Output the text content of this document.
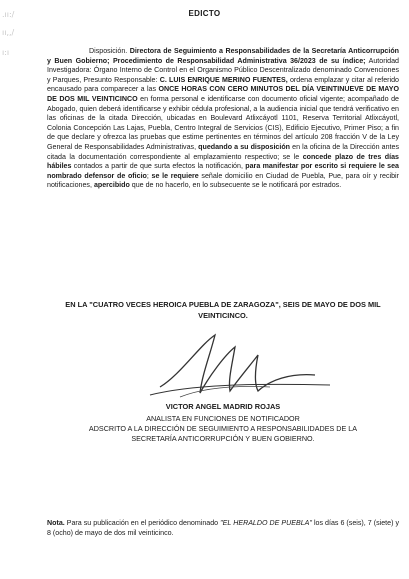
.ıı:/
ıı,,/
ı:ı
EDICTO
Disposición. Directora de Seguimiento a Responsabilidades de la Secretaría Anticorrupción y Buen Gobierno; Procedimiento de Responsabilidad Administrativa 36/2023 de su índice; Autoridad Investigadora: Órgano Interno de Control en el Organismo Público Descentralizado denominado Convenciones y Parques, Presunto Responsable: C. LUIS ENRIQUE MERINO FUENTES, ordena emplazar y citar al referido encausado para comparecer a las ONCE HORAS CON CERO MINUTOS DEL DÍA VEINTINUEVE DE MAYO DE DOS MIL VEINTICINCO en forma personal e identificarse con documento oficial vigente; acompañado de Abogado, quien deberá identificarse y exhibir cédula profesional, a la audiencia inicial que tendrá verificativo en las oficinas de la citada Dirección, ubicadas en Boulevard Atlixcáyotl 1101, Reserva Territorial Atlixcáyotl, Colonia Concepción Las Lajas, Puebla, Centro Integral de Servicios (CIS), Edificio Ejecutivo, Primer Piso; a fin de que declare y ofrezca las pruebas que estime pertinentes en términos del artículo 208 fracción V de la Ley General de Responsabilidades Administrativas, quedando a su disposición en la oficina de la Dirección antes citada la documentación correspondiente al emplazamiento respectivo; se le concede plazo de tres días hábiles contados a partir de que surta efectos la notificación, para manifestar por escrito si requiere le sea nombrado defensor de oficio; se le requiere señale domicilio en Ciudad de Puebla, Pue, para oír y recibir notificaciones, apercibido que de no hacerlo, en lo subsecuente se le notificará por estrados.
EN LA "CUATRO VECES HEROICA PUEBLA DE ZARAGOZA", SEIS DE MAYO DE DOS MIL VEINTICINCO.
VICTOR ANGEL MADRID ROJAS
ANALISTA EN FUNCIONES DE NOTIFICADOR
ADSCRITO A LA DIRECCIÓN DE SEGUIMIENTO A RESPONSABILIDADES DE LA
SECRETARÍA ANTICORRUPCIÓN Y BUEN GOBIERNO.
Nota. Para su publicación en el periódico denominado "EL HERALDO DE PUEBLA" los días 6 (seis), 7 (siete) y 8 (ocho) de mayo de dos mil veinticinco.
